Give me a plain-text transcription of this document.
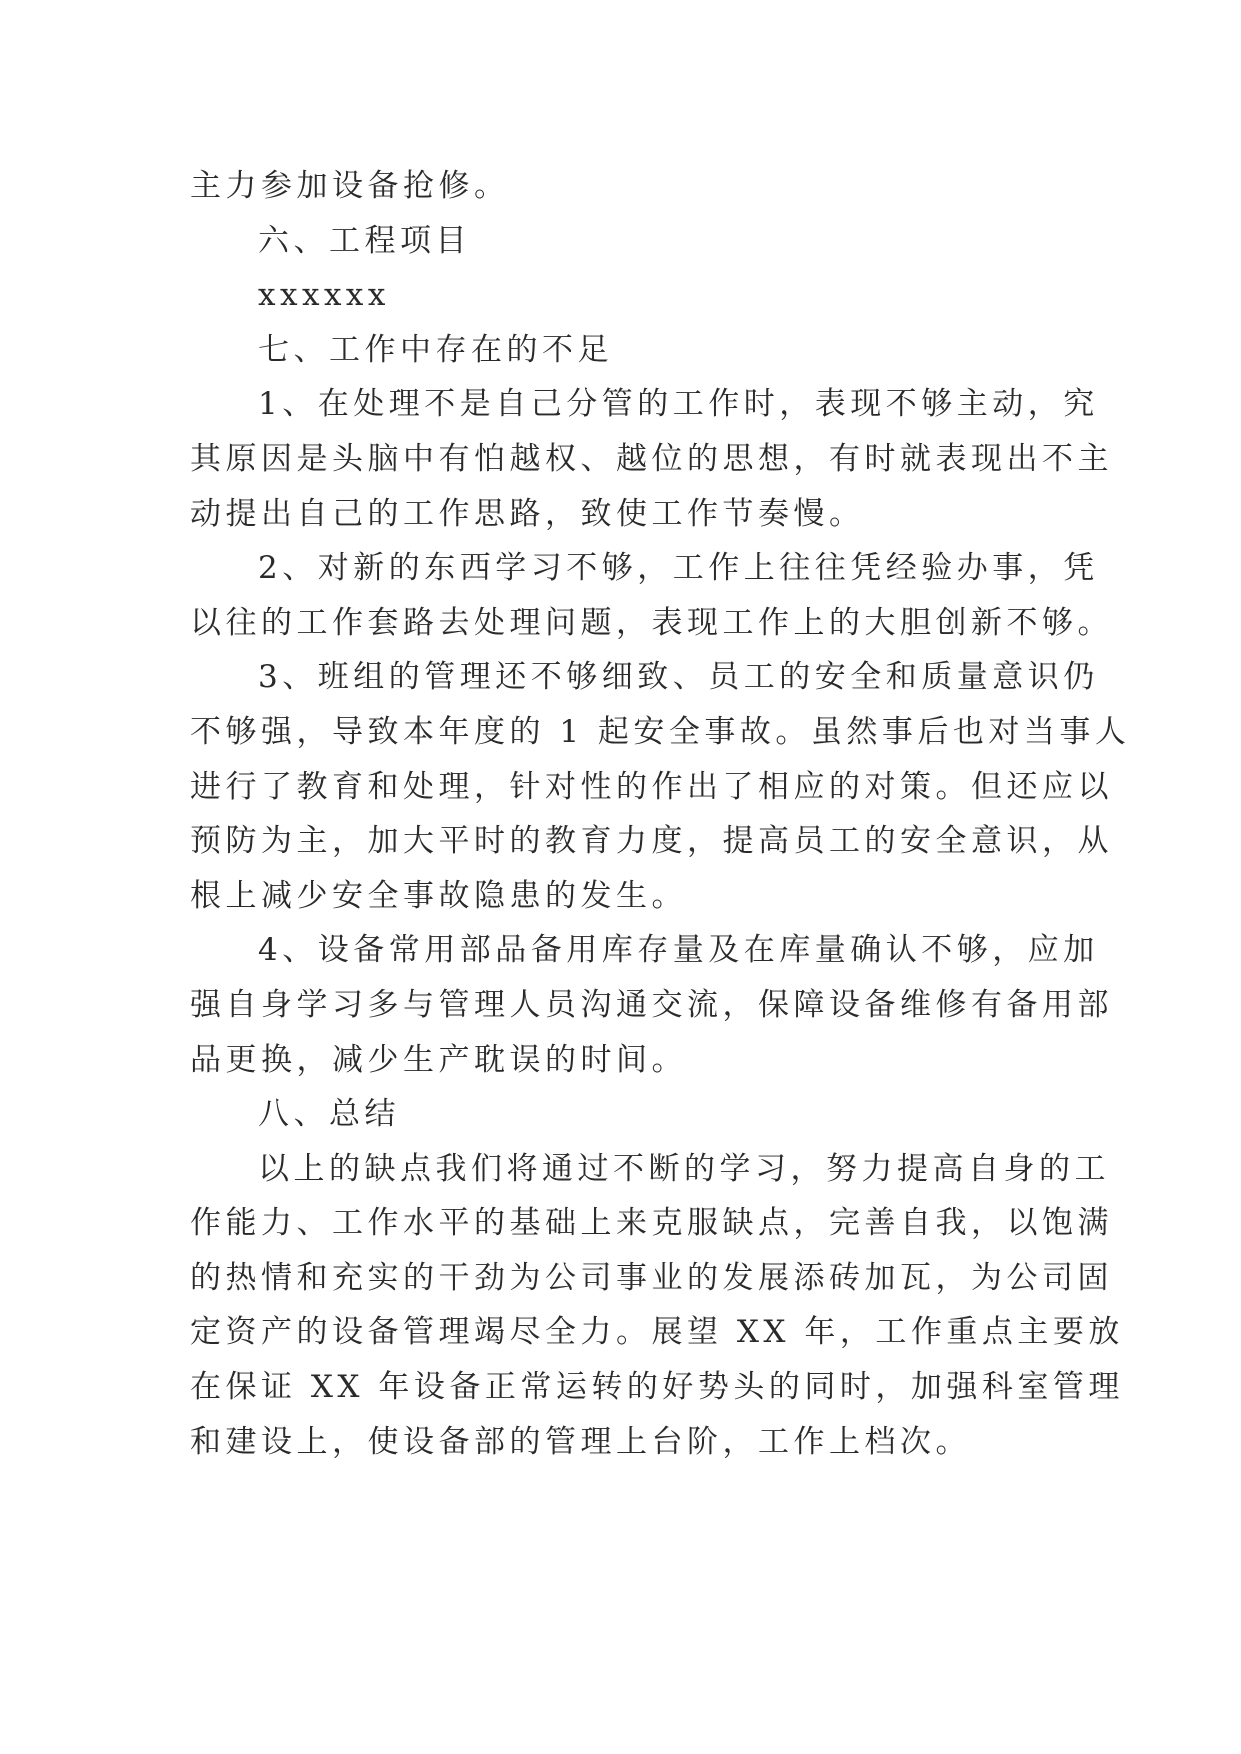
主力参加设备抢修。
六、工程项目
xxxxxx
七、工作中存在的不足
1、在处理不是自己分管的工作时，表现不够主动，究
其原因是头脑中有怕越权、越位的思想，有时就表现出不主
动提出自己的工作思路，致使工作节奏慢。
2、对新的东西学习不够，工作上往往凭经验办事，凭
以往的工作套路去处理问题，表现工作上的大胆创新不够。
3、班组的管理还不够细致、员工的安全和质量意识仍
不够强，导致本年度的 1 起安全事故。虽然事后也对当事人
进行了教育和处理，针对性的作出了相应的对策。但还应以
预防为主，加大平时的教育力度，提高员工的安全意识，从
根上减少安全事故隐患的发生。
4、设备常用部品备用库存量及在库量确认不够，应加
强自身学习多与管理人员沟通交流，保障设备维修有备用部
品更换，减少生产耽误的时间。
八、总结
以上的缺点我们将通过不断的学习，努力提高自身的工
作能力、工作水平的基础上来克服缺点，完善自我，以饱满
的热情和充实的干劲为公司事业的发展添砖加瓦，为公司固
定资产的设备管理竭尽全力。展望 XX 年，工作重点主要放
在保证 XX 年设备正常运转的好势头的同时，加强科室管理
和建设上，使设备部的管理上台阶，工作上档次。
